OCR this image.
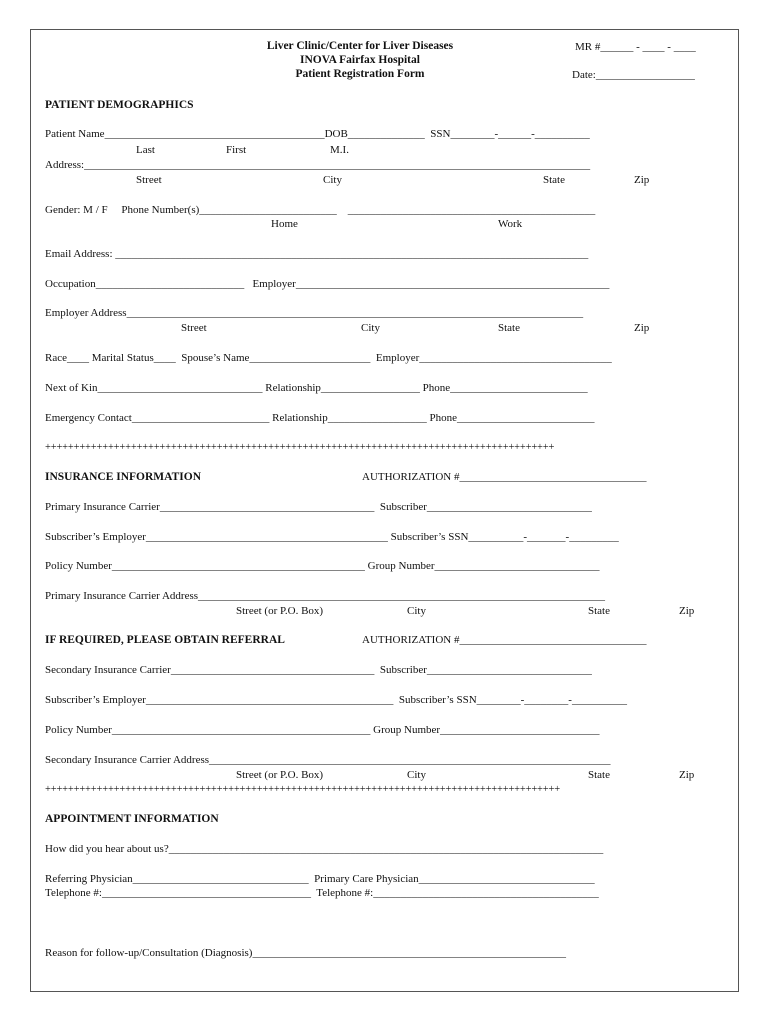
Liver Clinic/Center for Liver Diseases
INOVA Fairfax Hospital
Patient Registration Form
MR #______ - ____ - ____
Date:__________________
PATIENT DEMOGRAPHICS
Patient Name________________________________________DOB______________  SSN________-______-__________
Last	First	M.I.
Address:____________________________________________________________________________________________
Street	City	State	Zip
Gender: M / F     Phone Number(s)_________________________    _____________________________________________
Home	Work
Email Address: ______________________________________________________________________________________
Occupation___________________________   Employer_________________________________________________________
Employer Address___________________________________________________________________________________
Street	City	State	Zip
Race____ Marital Status____  Spouse’s Name______________________  Employer___________________________________
Next of Kin______________________________ Relationship__________________ Phone_________________________
Emergency Contact_________________________ Relationship__________________ Phone_________________________
+++++++++++++++++++++++++++++++++++++++++++++++++++++++++++++++++++++++++++++++++++++++++
INSURANCE INFORMATION	AUTHORIZATION #__________________________________
Primary Insurance Carrier_______________________________________  Subscriber______________________________
Subscriber’s Employer____________________________________________ Subscriber’s SSN__________-_______-_________
Policy Number______________________________________________ Group Number______________________________
Primary Insurance Carrier Address__________________________________________________________________________
Street (or P.O. Box)	City	State	Zip
IF REQUIRED, PLEASE OBTAIN REFERRAL	AUTHORIZATION #__________________________________
Secondary Insurance Carrier_____________________________________  Subscriber______________________________
Subscriber’s Employer_____________________________________________  Subscriber’s SSN________-________-__________
Policy Number_______________________________________________ Group Number_____________________________
Secondary Insurance Carrier Address_________________________________________________________________________
Street (or P.O. Box)	City	State	Zip
++++++++++++++++++++++++++++++++++++++++++++++++++++++++++++++++++++++++++++++++++++++++++
APPOINTMENT INFORMATION
How did you hear about us?_______________________________________________________________________________
Referring Physician________________________________  Primary Care Physician________________________________
Telephone #:______________________________________  Telephone #:_________________________________________
Reason for follow-up/Consultation (Diagnosis)_________________________________________________________
